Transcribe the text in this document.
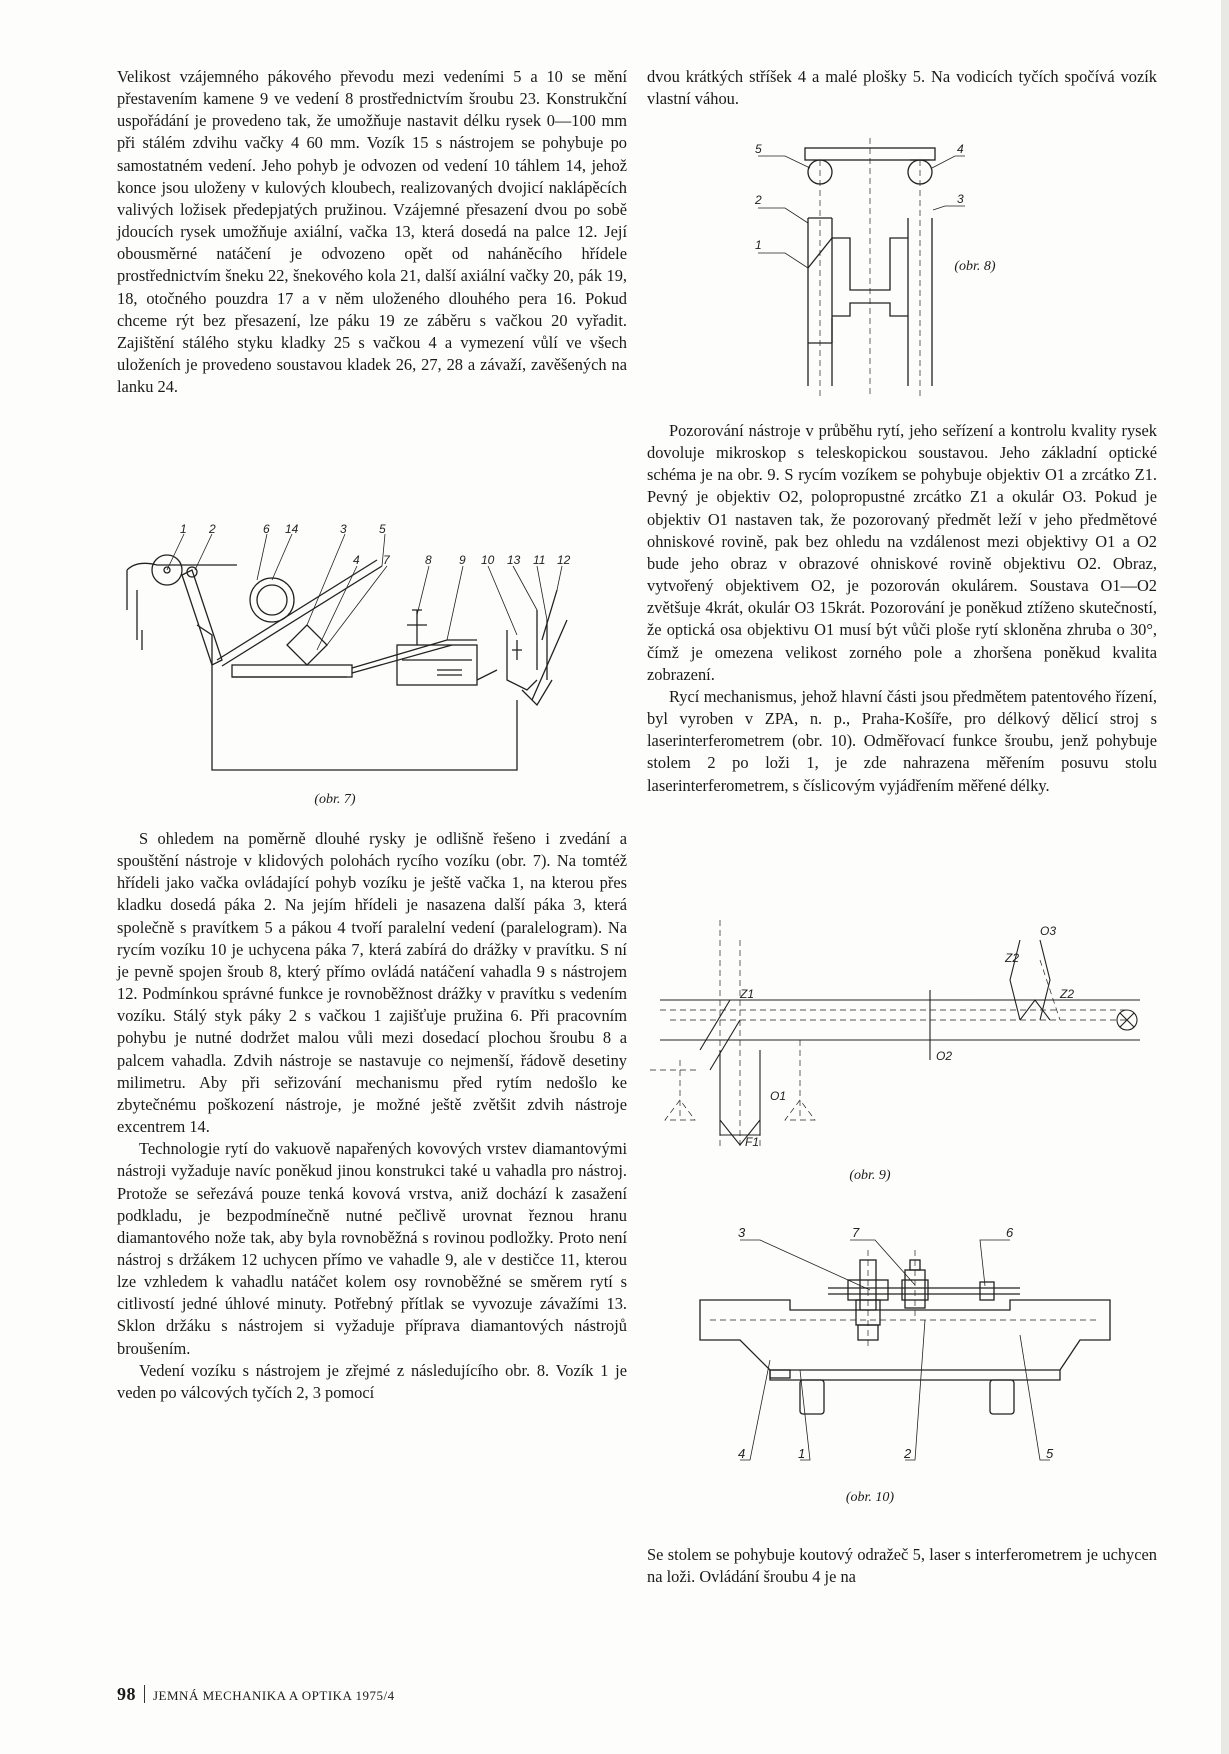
Velikost vzájemného pákového převodu mezi vedeními 5 a 10 se mění přestavením kamene 9 ve vedení 8 prostřednictvím šroubu 23. Konstrukční uspořádání je provedeno tak, že umožňuje nastavit délku rysek 0—100 mm při stálém zdvihu vačky 4 60 mm. Vozík 15 s nástrojem se pohybuje po samostatném vedení. Jeho pohyb je odvozen od vedení 10 táhlem 14, jehož konce jsou uloženy v kulových kloubech, realizovaných dvojicí naklápěcích valivých ložisek předepjatých pružinou. Vzájemné přesazení dvou po sobě jdoucích rysek umožňuje axiální, vačka 13, která dosedá na palce 12. Její obousměrné natáčení je odvozeno opět od naháněcího hřídele prostřednictvím šneku 22, šnekového kola 21, další axiální vačky 20, pák 19, 18, otočného pouzdra 17 a v něm uloženého dlouhého pera 16. Pokud chceme rýt bez přesazení, lze páku 19 ze záběru s vačkou 20 vyřadit. Zajištění stálého styku kladky 25 s vačkou 4 a vymezení vůlí ve všech uloženích je provedeno soustavou kladek 26, 27, 28 a závaží, zavěšených na lanku 24.

1 2	6 14	3	5
4 7	8 9 10 13 11 12
(obr. 7)

S ohledem na poměrně dlouhé rysky je odlišně řešeno i zvedání a spouštění nástroje v klidových polohách rycího vozíku (obr. 7). Na tomtéž hřídeli jako vačka ovládající pohyb vozíku je ještě vačka 1, na kterou přes kladku dosedá páka 2. Na jejím hřídeli je nasazena další páka 3, která společně s pravítkem 5 a pákou 4 tvoří paralelní vedení (paralelogram). Na rycím vozíku 10 je uchycena páka 7, která zabírá do drážky v pravítku. S ní je pevně spojen šroub 8, který přímo ovládá natáčení vahadla 9 s nástrojem 12. Podmínkou správné funkce je rovnoběžnost drážky v pravítku s vedením vozíku. Stálý styk páky 2 s vačkou 1 zajišťuje pružina 6. Při pracovním pohybu je nutné dodržet malou vůli mezi dosedací plochou šroubu 8 a palcem vahadla. Zdvih nástroje se nastavuje co nejmenší, řádově desetiny milimetru. Aby při seřizování mechanismu před rytím nedošlo ke zbytečnému poškození nástroje, je možné ještě zvětšit zdvih nástroje excentrem 14.

Technologie rytí do vakuově napařených kovových vrstev diamantovými nástroji vyžaduje navíc poněkud jinou konstrukci také u vahadla pro nástroj. Protože se seřezává pouze tenká kovová vrstva, aniž dochází k zasažení podkladu, je bezpodmínečně nutné pečlivě urovnat řeznou hranu diamantového nože tak, aby byla rovnoběžná s rovinou podložky. Proto není nástroj s držákem 12 uchycen přímo ve vahadle 9, ale v destičce 11, kterou lze vzhledem k vahadlu natáčet kolem osy rovnoběžné se směrem rytí s citlivostí jedné úhlové minuty. Potřebný přítlak se vyvozuje závažími 13. Sklon držáku s nástrojem si vyžaduje příprava diamantových nástrojů broušením.

Vedení vozíku s nástrojem je zřejmé z následujícího obr. 8. Vozík 1 je veden po válcových tyčích 2, 3 pomocí

dvou krátkých stříšek 4 a malé plošky 5. Na vodicích tyčích spočívá vozík vlastní váhou.

5	4
2	3
1
(obr. 8)

Pozorování nástroje v průběhu rytí, jeho seřízení a kontrolu kvality rysek dovoluje mikroskop s teleskopickou soustavou. Jeho základní optické schéma je na obr. 9. S rycím vozíkem se pohybuje objektiv O1 a zrcátko Z1. Pevný je objektiv O2, polopropustné zrcátko Z1 a okulár O3. Pokud je objektiv O1 nastaven tak, že pozorovaný předmět leží v jeho předmětové ohniskové rovině, pak bez ohledu na vzdálenost mezi objektivy O1 a O2 bude jeho obraz v obrazové ohniskové rovině objektivu O2. Obraz, vytvořený objektivem O2, je pozorován okulárem. Soustava O1—O2 zvětšuje 4krát, okulár O3 15krát. Pozorování je poněkud ztíženo skutečností, že optická osa objektivu O1 musí být vůči ploše rytí skloněna zhruba o 30°, čímž je omezena velikost zorného pole a zhoršena poněkud kvalita zobrazení.

Rycí mechanismus, jehož hlavní části jsou předmětem patentového řízení, byl vyroben v ZPA, n. p., Praha-Košíře, pro délkový dělicí stroj s laserinterferometrem (obr. 10). Odměřovací funkce šroubu, jenž pohybuje stolem 2 po loži 1, je zde nahrazena měřením posuvu stolu laserinterferometrem, s číslicovým vyjádřením měřené délky.

O3
Z2
Z1	Z2
O1
F1
O2
(obr. 9)
3	7	6
4	1	2	5
(obr. 10)

Se stolem se pohybuje koutový odražeč 5, laser s interferometrem je uchycen na loži. Ovládání šroubu 4 je na

98 JEMNÁ MECHANIKA A OPTIKA 1975/4
